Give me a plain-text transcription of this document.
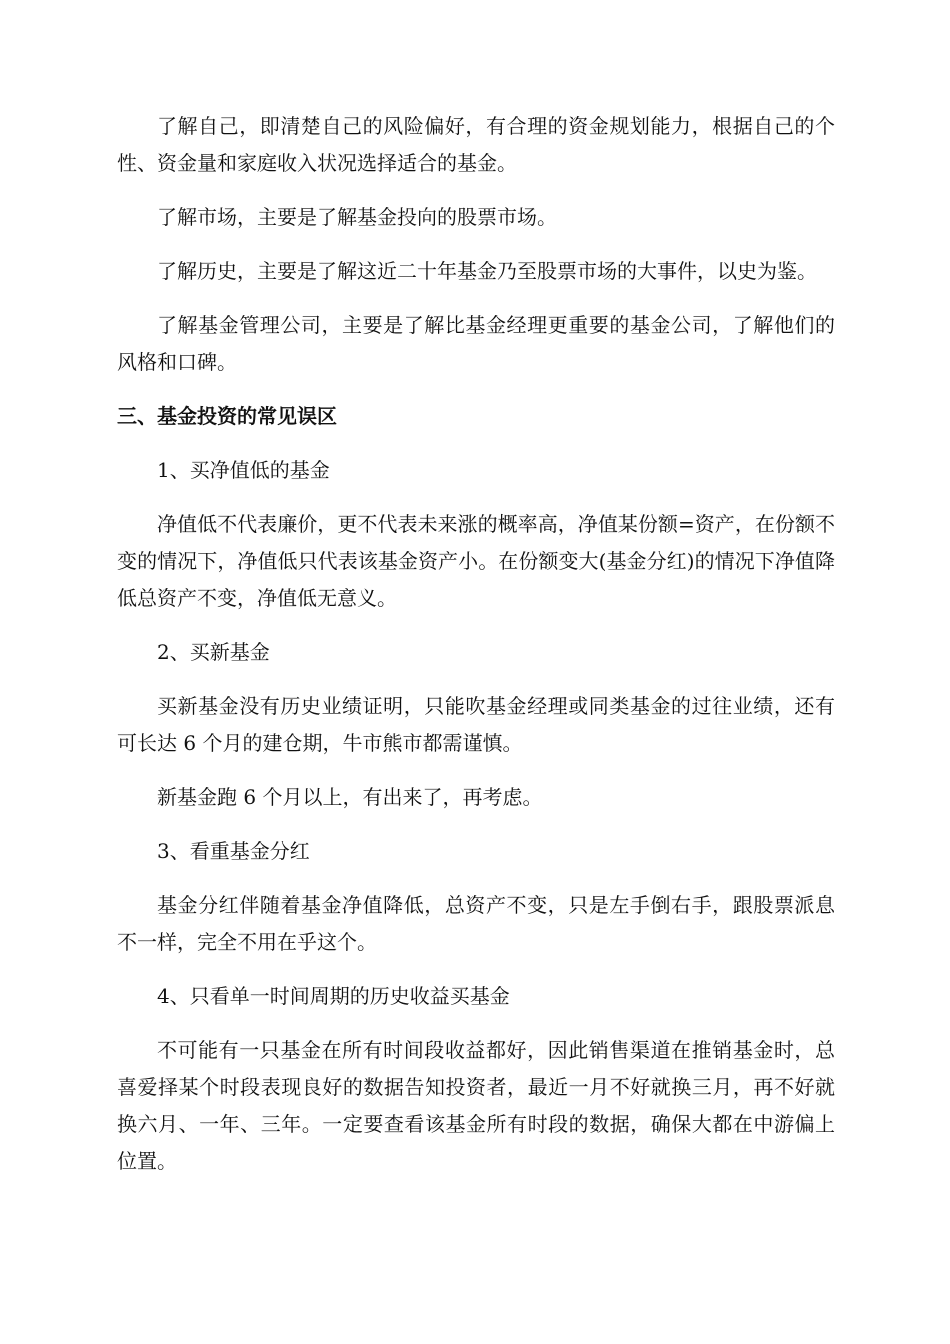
了解自己，即清楚自己的风险偏好，有合理的资金规划能力，根据自己的个性、资金量和家庭收入状况选择适合的基金。

了解市场，主要是了解基金投向的股票市场。

了解历史，主要是了解这近二十年基金乃至股票市场的大事件，以史为鉴。

了解基金管理公司，主要是了解比基金经理更重要的基金公司，了解他们的风格和口碑。

三、基金投资的常见误区

1、买净值低的基金

净值低不代表廉价，更不代表未来涨的概率高，净值某份额=资产，在份额不变的情况下，净值低只代表该基金资产小。在份额变大(基金分红)的情况下净值降低总资产不变，净值低无意义。

2、买新基金

买新基金没有历史业绩证明，只能吹基金经理或同类基金的过往业绩，还有可长达 6 个月的建仓期，牛市熊市都需谨慎。

新基金跑 6 个月以上，有出来了，再考虑。

3、看重基金分红

基金分红伴随着基金净值降低，总资产不变，只是左手倒右手，跟股票派息不一样，完全不用在乎这个。

4、只看单一时间周期的历史收益买基金

不可能有一只基金在所有时间段收益都好，因此销售渠道在推销基金时，总喜爱择某个时段表现良好的数据告知投资者，最近一月不好就换三月，再不好就换六月、一年、三年。一定要查看该基金所有时段的数据，确保大都在中游偏上位置。
